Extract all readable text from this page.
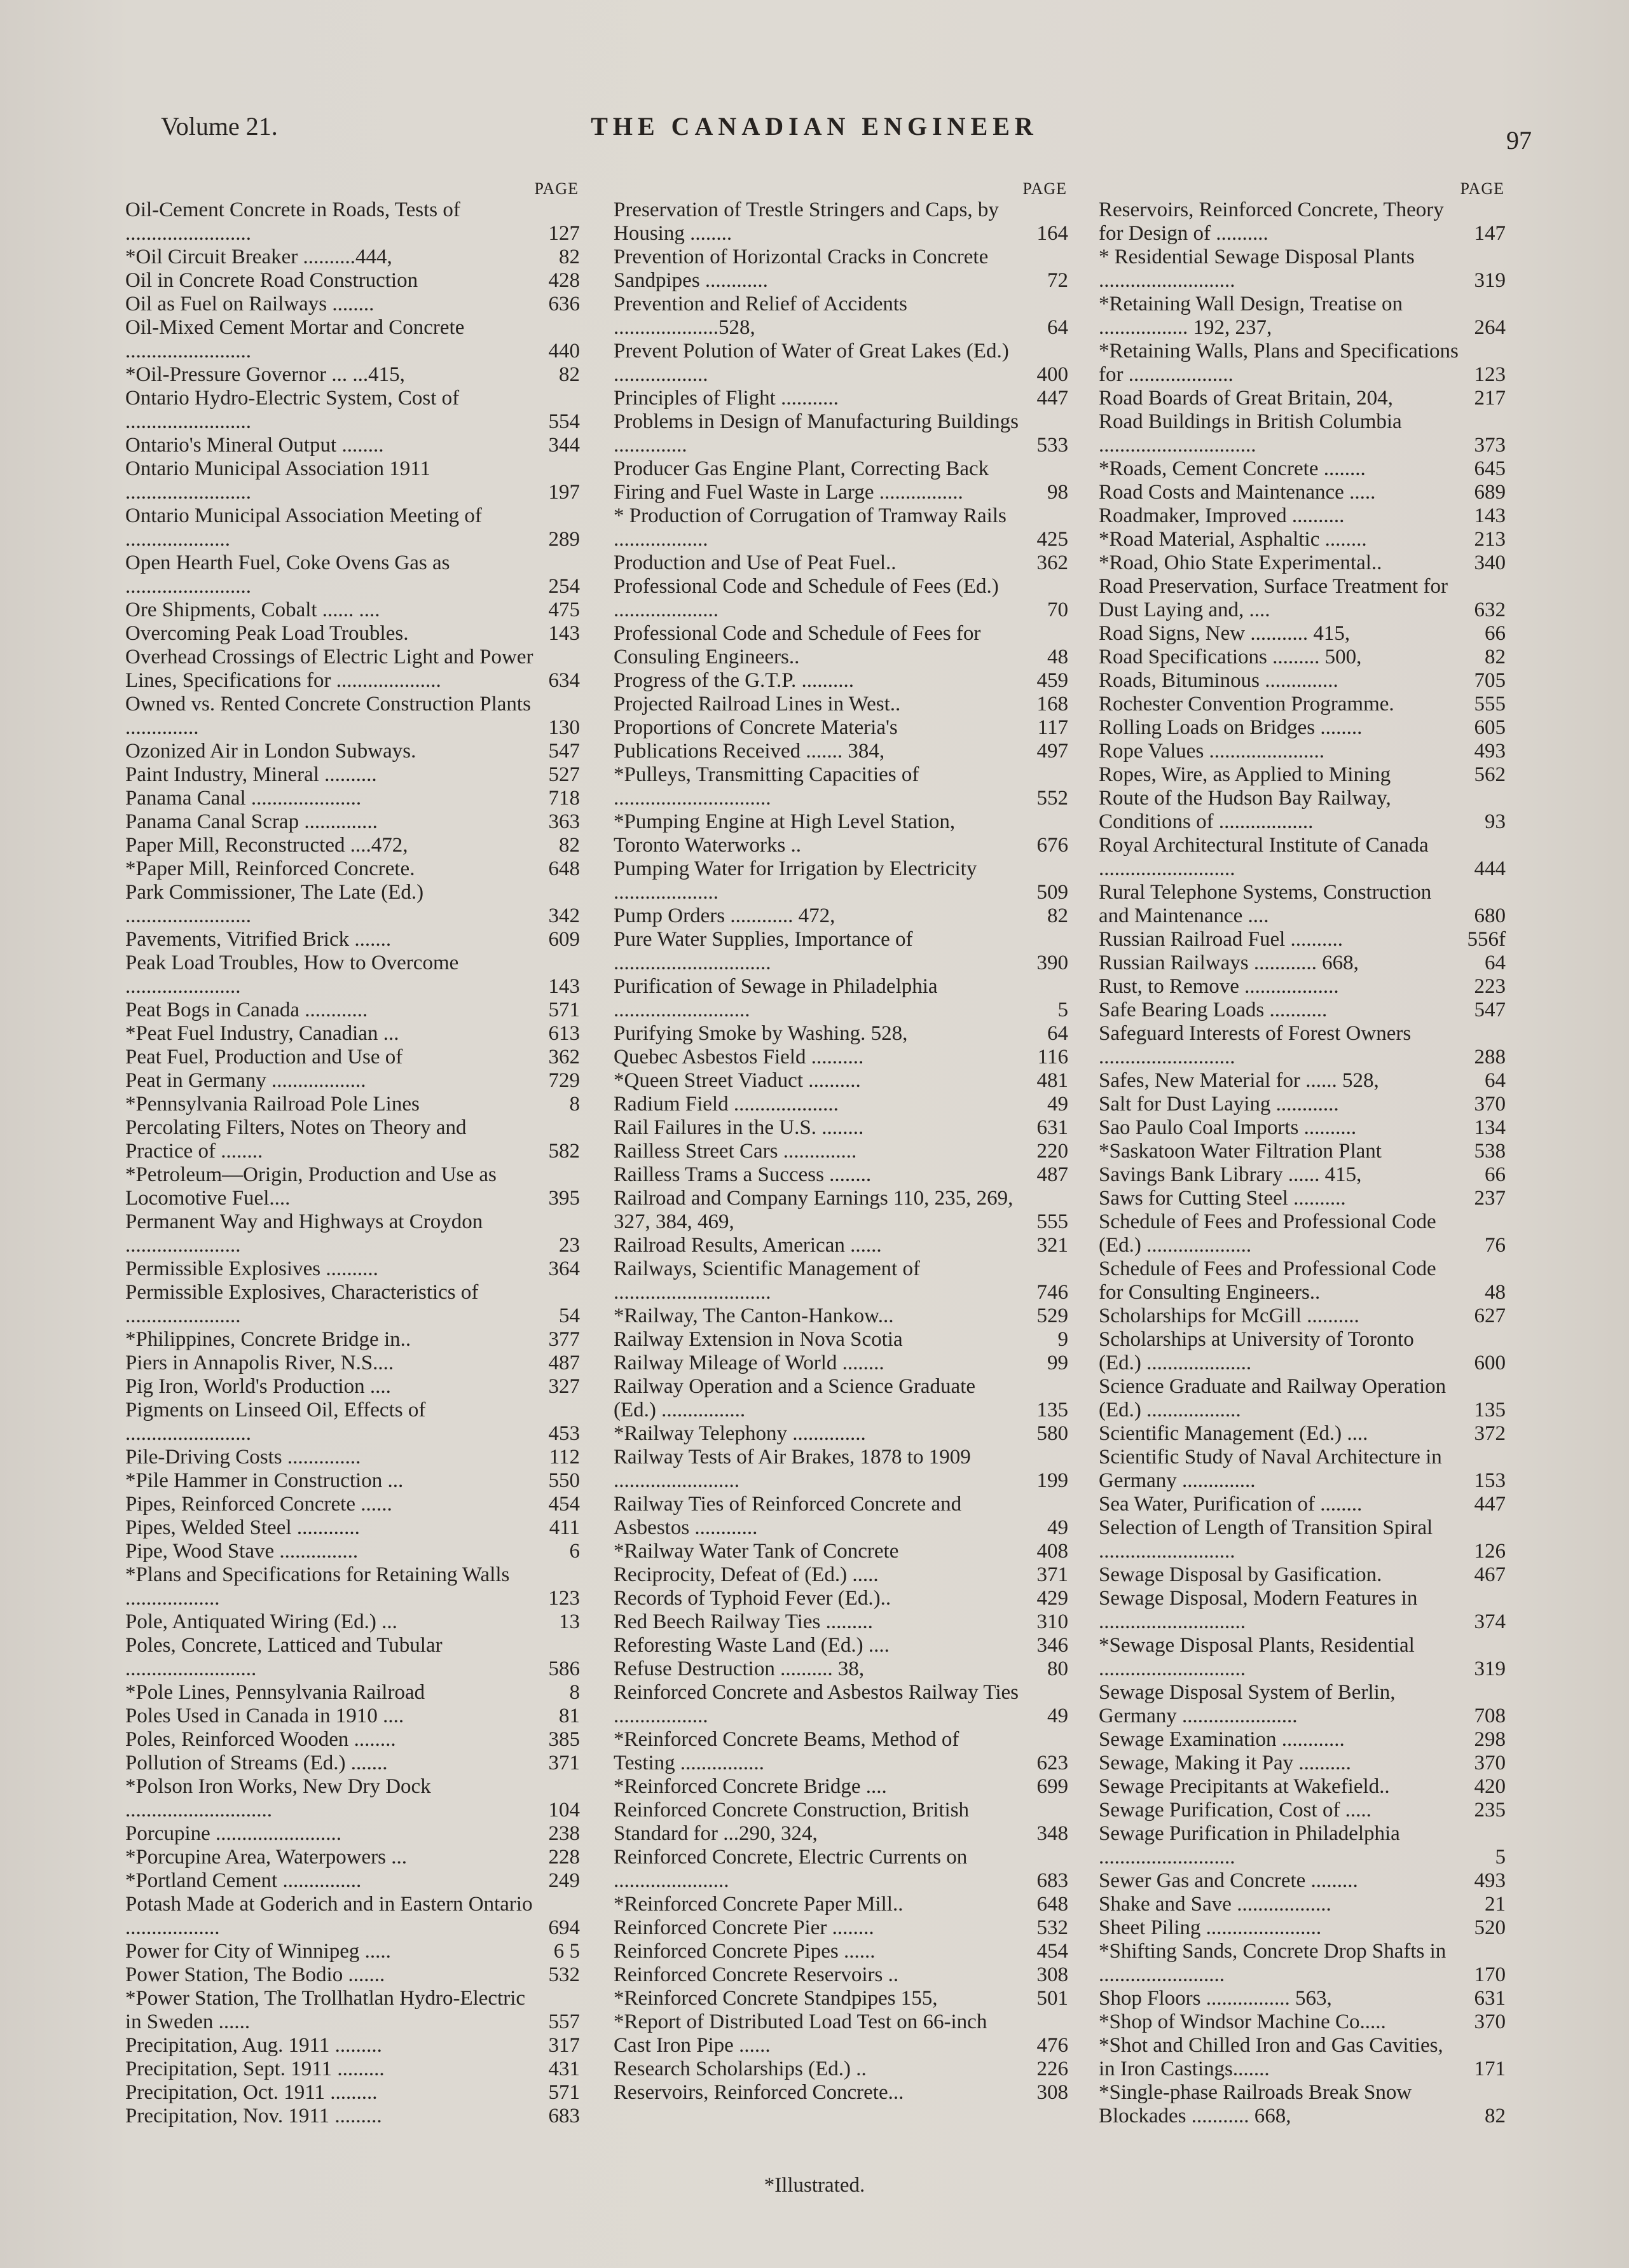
Volume 21.	THE CANADIAN ENGINEER	97
PAGE
Oil-Cement Concrete in Roads, Tests of ........................	127
*Oil Circuit Breaker ..........444,	82
Oil in Concrete Road Construction	428
Oil as Fuel on Railways ........	636
Oil-Mixed Cement Mortar and Concrete ........................	440
*Oil-Pressure Governor ... ...415,	82
Ontario Hydro-Electric System, Cost of ........................	554
Ontario's Mineral Output ........	344
Ontario Municipal Association 1911 ........................	197
Ontario Municipal Association Meeting of ....................	289
Open Hearth Fuel, Coke Ovens Gas as ........................	254
Ore Shipments, Cobalt ...... ....	475
Overcoming Peak Load Troubles.	143
Overhead Crossings of Electric Light and Power Lines, Specifications for ....................	634
Owned vs. Rented Concrete Construction Plants ..............	130
Ozonized Air in London Subways.	547
Paint Industry, Mineral ..........	527
Panama Canal .....................	718
Panama Canal Scrap ..............	363
Paper Mill, Reconstructed ....472,	82
*Paper Mill, Reinforced Concrete.	648
Park Commissioner, The Late (Ed.) ........................	342
Pavements, Vitrified Brick .......	609
Peak Load Troubles, How to Overcome ......................	143
Peat Bogs in Canada ............	571
*Peat Fuel Industry, Canadian ...	613
Peat Fuel, Production and Use of	362
Peat in Germany ..................	729
*Pennsylvania Railroad Pole Lines	8
Percolating Filters, Notes on Theory and Practice of ........	582
*Petroleum—Origin, Production and Use as Locomotive Fuel....	395
Permanent Way and Highways at Croydon ......................	23
Permissible Explosives ..........	364
Permissible Explosives, Characteristics of ......................	54
*Philippines, Concrete Bridge in..	377
Piers in Annapolis River, N.S....	487
Pig Iron, World's Production ....	327
Pigments on Linseed Oil, Effects of ........................	453
Pile-Driving Costs ..............	112
*Pile Hammer in Construction ...	550
Pipes, Reinforced Concrete ......	454
Pipes, Welded Steel ............	411
Pipe, Wood Stave ...............	6
*Plans and Specifications for Retaining Walls ..................	123
Pole, Antiquated Wiring (Ed.) ...	13
Poles, Concrete, Latticed and Tubular .........................	586
*Pole Lines, Pennsylvania Railroad	8
Poles Used in Canada in 1910 ....	81
Poles, Reinforced Wooden ........	385
Pollution of Streams (Ed.) .......	371
*Polson Iron Works, New Dry Dock ............................	104
Porcupine ........................	238
*Porcupine Area, Waterpowers ...	228
*Portland Cement ...............	249
Potash Made at Goderich and in Eastern Ontario ..................	694
Power for City of Winnipeg .....	6 5
Power Station, The Bodio .......	532
*Power Station, The Trollhatlan Hydro-Electric in Sweden ......	557
Precipitation, Aug. 1911 .........	317
Precipitation, Sept. 1911 .........	431
Precipitation, Oct. 1911 .........	571
Precipitation, Nov. 1911 .........	683
PAGE
Preservation of Trestle Stringers and Caps, by Housing ........	164
Prevention of Horizontal Cracks in Concrete Sandpipes ............	72
Prevention and Relief of Accidents ....................528,	64
Prevent Polution of Water of Great Lakes (Ed.) ..................	400
Principles of Flight ...........	447
Problems in Design of Manufacturing Buildings ..............	533
Producer Gas Engine Plant, Correcting Back Firing and Fuel Waste in Large ................	98
* Production of Corrugation of Tramway Rails ..................	425
Production and Use of Peat Fuel..	362
Professional Code and Schedule of Fees (Ed.) ....................	70
Professional Code and Schedule of Fees for Consuling Engineers..	48
Progress of the G.T.P. ..........	459
Projected Railroad Lines in West..	168
Proportions of Concrete Materia's	117
Publications Received ....... 384,	497
*Pulleys, Transmitting Capacities of ..............................	552
*Pumping Engine at High Level Station, Toronto Waterworks ..	676
Pumping Water for Irrigation by Electricity ....................	509
Pump Orders ............ 472,	82
Pure Water Supplies, Importance of ..............................	390
Purification of Sewage in Philadelphia ..........................	5
Purifying Smoke by Washing. 528,	64
Quebec Asbestos Field ..........	116
*Queen Street Viaduct ..........	481
Radium Field ....................	49
Rail Failures in the U.S. ........	631
Railless Street Cars ..............	220
Railless Trams a Success ........	487
Railroad and Company Earnings 110, 235, 269, 327, 384, 469,	555
Railroad Results, American ......	321
Railways, Scientific Management of ..............................	746
*Railway, The Canton-Hankow...	529
Railway Extension in Nova Scotia	9
Railway Mileage of World ........	99
Railway Operation and a Science Graduate (Ed.) ................	135
*Railway Telephony ..............	580
Railway Tests of Air Brakes, 1878 to 1909 ........................	199
Railway Ties of Reinforced Concrete and Asbestos ............	49
*Railway Water Tank of Concrete	408
Reciprocity, Defeat of (Ed.) .....	371
Records of Typhoid Fever (Ed.)..	429
Red Beech Railway Ties .........	310
Reforesting Waste Land (Ed.) ....	346
Refuse Destruction .......... 38,	80
Reinforced Concrete and Asbestos Railway Ties ..................	49
*Reinforced Concrete Beams, Method of Testing ................	623
*Reinforced Concrete Bridge ....	699
Reinforced Concrete Construction, British Standard for ...290, 324,	348
Reinforced Concrete, Electric Currents on ......................	683
*Reinforced Concrete Paper Mill..	648
Reinforced Concrete Pier ........	532
Reinforced Concrete Pipes ......	454
Reinforced Concrete Reservoirs ..	308
*Reinforced Concrete Standpipes 155,	501
*Report of Distributed Load Test on 66-inch Cast Iron Pipe ......	476
Research Scholarships (Ed.) ..	226
Reservoirs, Reinforced Concrete...	308
PAGE
Reservoirs, Reinforced Concrete, Theory for Design of ..........	147
* Residential Sewage Disposal Plants ..........................	319
*Retaining Wall Design, Treatise on ................. 192, 237,	264
*Retaining Walls, Plans and Specifications for ....................	123
Road Boards of Great Britain, 204,	217
Road Buildings in British Columbia ..............................	373
*Roads, Cement Concrete ........	645
Road Costs and Maintenance .....	689
Roadmaker, Improved ..........	143
*Road Material, Asphaltic ........	213
*Road, Ohio State Experimental..	340
Road Preservation, Surface Treatment for Dust Laying and, ....	632
Road Signs, New ........... 415,	66
Road Specifications ......... 500,	82
Roads, Bituminous ..............	705
Rochester Convention Programme.	555
Rolling Loads on Bridges ........	605
Rope Values ......................	493
Ropes, Wire, as Applied to Mining	562
Route of the Hudson Bay Railway, Conditions of ..................	93
Royal Architectural Institute of Canada ..........................	444
Rural Telephone Systems, Construction and Maintenance ....	680
Russian Railroad Fuel ..........	556f
Russian Railways ............ 668,	64
Rust, to Remove ..................	223
Safe Bearing Loads ...........	547
Safeguard Interests of Forest Owners ..........................	288
Safes, New Material for ...... 528,	64
Salt for Dust Laying ............	370
Sao Paulo Coal Imports ..........	134
*Saskatoon Water Filtration Plant	538
Savings Bank Library ...... 415,	66
Saws for Cutting Steel ..........	237
Schedule of Fees and Professional Code (Ed.) ....................	76
Schedule of Fees and Professional Code for Consulting Engineers..	48
Scholarships for McGill ..........	627
Scholarships at University of Toronto (Ed.) ....................	600
Science Graduate and Railway Operation (Ed.) ..................	135
Scientific Management (Ed.) ....	372
Scientific Study of Naval Architecture in Germany ..............	153
Sea Water, Purification of ........	447
Selection of Length of Transition Spiral ..........................	126
Sewage Disposal by Gasification.	467
Sewage Disposal, Modern Features in ............................	374
*Sewage Disposal Plants, Residential ............................	319
Sewage Disposal System of Berlin, Germany ......................	708
Sewage Examination ............	298
Sewage, Making it Pay ..........	370
Sewage Precipitants at Wakefield..	420
Sewage Purification, Cost of .....	235
Sewage Purification in Philadelphia ..........................	5
Sewer Gas and Concrete .........	493
Shake and Save ..................	21
Sheet Piling ......................	520
*Shifting Sands, Concrete Drop Shafts in ........................	170
Shop Floors ................ 563,	631
*Shop of Windsor Machine Co.....	370
*Shot and Chilled Iron and Gas Cavities, in Iron Castings.......	171
*Single-phase Railroads Break Snow Blockades ........... 668,	82
*Illustrated.
